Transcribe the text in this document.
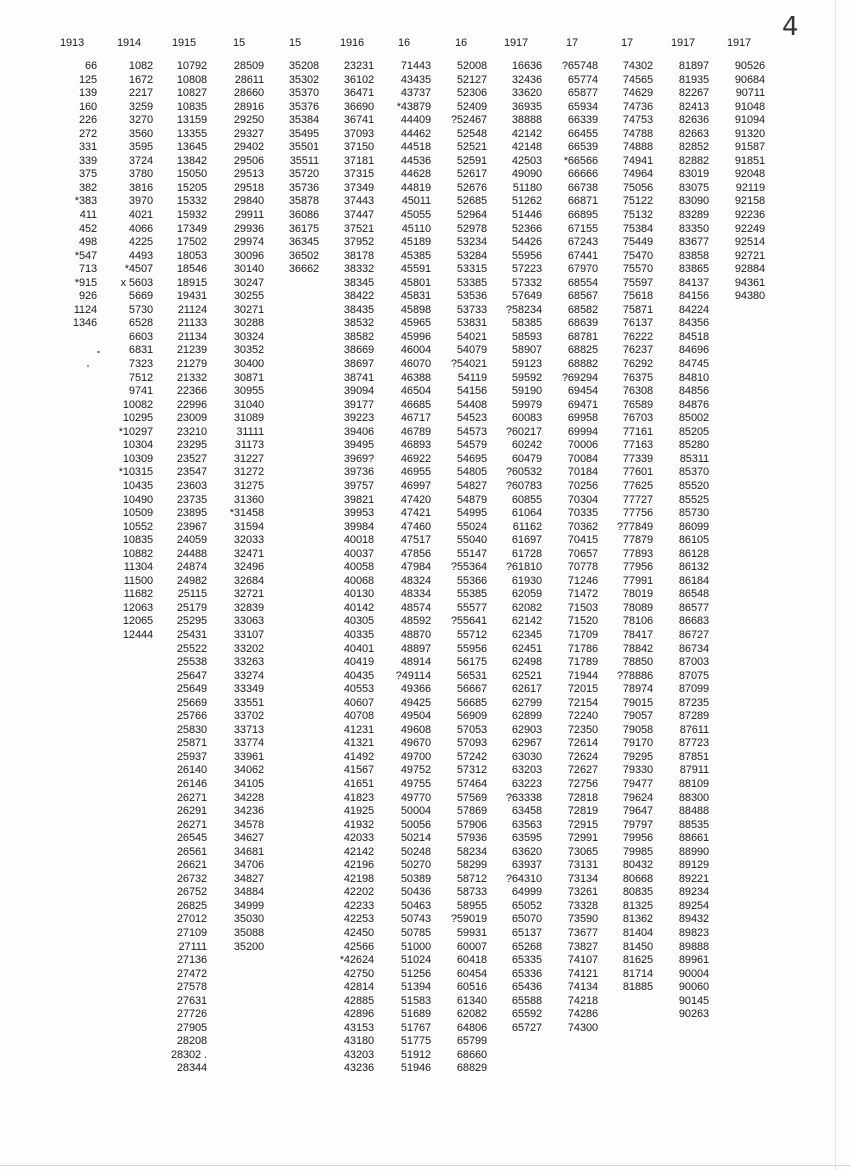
4
1913
66
125
139
160
226
272
331
339
375
382
*383
411
452
498
*547
713
*915
926
1124
1346
1914
1082
1672
2217
3259
3270
3560
3595
3724
3780
3816
3970
4021
4066
4225
4493
*4507
x 5603
5669
5730
6528
6603
6831
7323
7512
9741
10082
10295
*10297
10304
10309
*10315
10435
10490
10509
10552
10835
10882
11304
11500
11682
12063
12065
12444
1915
10792
10808
10827
10835
13159
13355
13645
13842
15050
15205
15332
15932
17349
17502
18053
18546
18915
19431
21124
21133
21134
21239
21279
21332
22366
22996
23009
23210
23295
23527
23547
23603
23735
23895
23967
24059
24488
24874
24982
25115
25179
25295
25431
25522
25538
25647
25649
25669
25766
25830
25871
25937
26140
26146
26271
26291
26271
26545
26561
26621
26732
26752
26825
27012
27109
27111
27136
27472
27578
27631
27726
27905
28208
28302 .
28344
15
28509
28611
28660
28916
29250
29327
29402
29506
29513
29518
29840
29911
29936
29974
30096
30140
30247
30255
30271
30288
30324
30352
30400
30871
30955
31040
31089
31111
31173
31227
31272
31275
31360
*31458
31594
32033
32471
32496
32684
32721
32839
33063
33107
33202
33263
33274
33349
33551
33702
33713
33774
33961
34062
34105
34228
34236
34578
34627
34681
34706
34827
34884
34999
35030
35088
35200
15
35208
35302
35370
35376
35384
35495
35501
35511
35720
35736
35878
36086
36175
36345
36502
36662
1916
23231
36102
36471
36690
36741
37093
37150
37181
37315
37349
37443
37447
37521
37952
38178
38332
38345
38422
38435
38532
38582
38669
38697
38741
39094
39177
39223
39406
39495
3969?
39736
39757
39821
39953
39984
40018
40037
40058
40068
40130
40142
40305
40335
40401
40419
40435
40553
40607
40708
41231
41321
41492
41567
41651
41823
41925
41932
42033
42142
42196
42198
42202
42233
42253
42450
42566
*42624
42750
42814
42885
42896
43153
43180
43203
43236
16
71443
43435
43737
*43879
44409
44462
44518
44536
44628
44819
45011
45055
45110
45189
45385
45591
45801
45831
45898
45965
45996
46004
46070
46388
46504
46685
46717
46789
46893
46922
46955
46997
47420
47421
47460
47517
47856
47984
48324
48334
48574
48592
48870
48897
48914
?49114
49366
49425
49504
49608
49670
49700
49752
49755
49770
50004
50056
50214
50248
50270
50389
50436
50463
50743
50785
51000
51024
51256
51394
51583
51689
51767
51775
51912
51946
16
52008
52127
52306
52409
?52467
52548
52521
52591
52617
52676
52685
52964
52978
53234
53284
53315
53385
53536
53733
53831
54021
54079
?54021
54119
54156
54408
54523
54573
54579
54695
54805
54827
54879
54995
55024
55040
55147
?55364
55366
55385
55577
?55641
55712
55956
56175
56531
56667
56685
56909
57053
57093
57242
57312
57464
57569
57869
57906
57936
58234
58299
58712
58733
58955
?59019
59931
60007
60418
60454
60516
61340
62082
64806
65799
68660
68829
1917
16636
32436
33620
36935
38888
42142
42148
42503
49090
51180
51262
51446
52366
54426
55956
57223
57332
57649
?58234
58385
58593
58907
59123
59592
59190
59979
60083
?60217
60242
60479
?60532
?60783
60855
61064
61162
61697
61728
?61810
61930
62059
62082
62142
62345
62451
62498
62521
62617
62799
62899
62903
62967
63030
63203
63223
?63338
63458
63563
63595
63620
63937
?64310
64999
65052
65070
65137
65268
65335
65336
65436
65588
65592
65727
17
?65748
65774
65877
65934
66339
66455
66539
*66566
66666
66738
66871
66895
67155
67243
67441
67970
68554
68567
68582
68639
68781
68825
68882
?69294
69454
69471
69958
69994
70006
70084
70184
70256
70304
70335
70362
70415
70657
70778
71246
71472
71503
71520
71709
71786
71789
71944
72015
72154
72240
72350
72614
72624
72627
72756
72818
72819
72915
72991
73065
73131
73134
73261
73328
73590
73677
73827
74107
74121
74134
74218
74286
74300
17
74302
74565
74629
74736
74753
74788
74888
74941
74964
75056
75122
75132
75384
75449
75470
75570
75597
75618
75871
76137
76222
76237
76292
76375
76308
76589
76703
77161
77163
77339
77601
77625
77727
77756
?77849
77879
77893
77956
77991
78019
78089
78106
78417
78842
78850
?78886
78974
79015
79057
79058
79170
79295
79330
79477
79624
79647
79797
79956
79985
80432
80668
80835
81325
81362
81404
81450
81625
81714
81885
1917
81897
81935
82267
82413
82636
82663
82852
82882
83019
83075
83090
83289
83350
83677
83858
83865
84137
84156
84224
84356
84518
84696
84745
84810
84856
84876
85002
85205
85280
85311
85370
85520
85525
85730
86099
86105
86128
86132
86184
86548
86577
86683
86727
86734
87003
87075
87099
87235
87289
87611
87723
87851
87911
88109
88300
88488
88535
88661
88990
89129
89221
89234
89254
89432
89823
89888
89961
90004
90060
90145
90263
1917
90526
90684
90711
91048
91094
91320
91587
91851
92048
92119
92158
92236
92249
92514
92721
92884
94361
94380
